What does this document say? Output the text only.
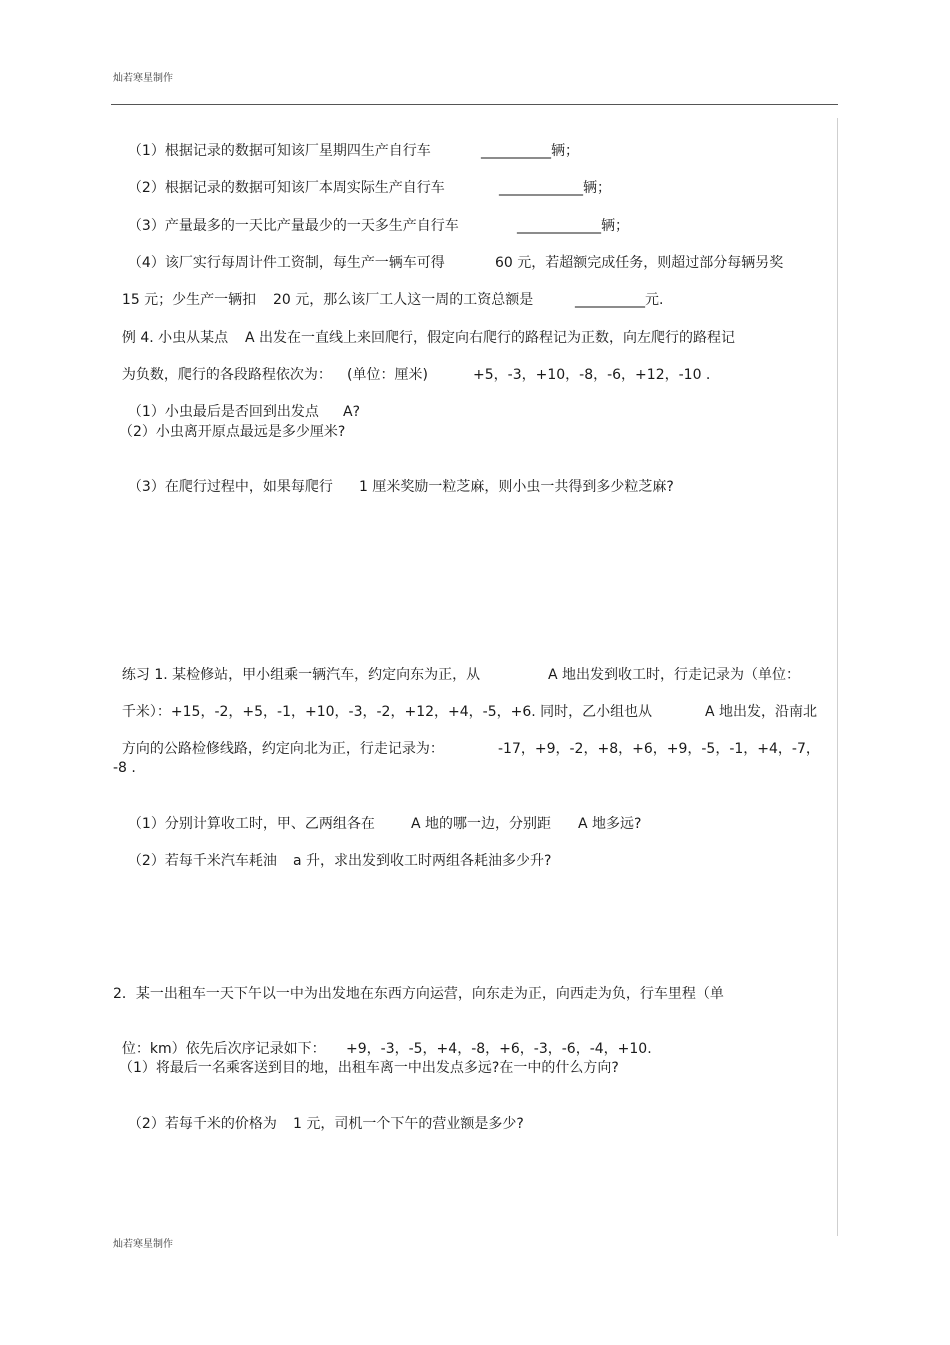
灿若寒星制作

（1）根据记录的数据可知该厂星期四生产自行车	__________辆；

（2）根据记录的数据可知该厂本周实际生产自行车	____________辆；

（3）产量最多的一天比产量最少的一天多生产自行车	____________辆；

（4）该厂实行每周计件工资制，每生产一辆车可得	60 元，若超额完成任务，则超过部分每辆另奖

15 元；少生产一辆扣 20 元，那么该厂工人这一周的工资总额是	__________元.

例 4. 小虫从某点 A 出发在一直线上来回爬行，假定向右爬行的路程记为正数，向左爬行的路程记

为负数，爬行的各段路程依次为： (单位：厘米)	+5，-3，+10，-8，-6，+12，-10 .

（1）小虫最后是否回到出发点 A?

（2）小虫离开原点最远是多少厘米?

（3）在爬行过程中，如果每爬行 1 厘米奖励一粒芝麻，则小虫一共得到多少粒芝麻?

练习 1. 某检修站，甲小组乘一辆汽车，约定向东为正，从	A 地出发到收工时，行走记录为（单位：

千米）：+15，-2，+5，-1，+10，-3，-2，+12，+4，-5，+6. 同时，乙小组也从	A 地出发，沿南北

方向的公路检修线路，约定向北为正，行走记录为：	-17，+9，-2，+8，+6，+9，-5，-1，+4，-7，

-8 .

（1）分别计算收工时，甲、乙两组各在	A 地的哪一边，分别距 A 地多远?

（2）若每千米汽车耗油 a 升，求出发到收工时两组各耗油多少升?

2．某一出租车一天下午以一中为出发地在东西方向运营，向东走为正，向西走为负，行车里程（单

位：km）依先后次序记录如下： +9，-3，-5，+4，-8，+6，-3，-6，-4，+10.

（1）将最后一名乘客送到目的地，出租车离一中出发点多远?在一中的什么方向?

（2）若每千米的价格为 1 元，司机一个下午的营业额是多少?

灿若寒星制作
